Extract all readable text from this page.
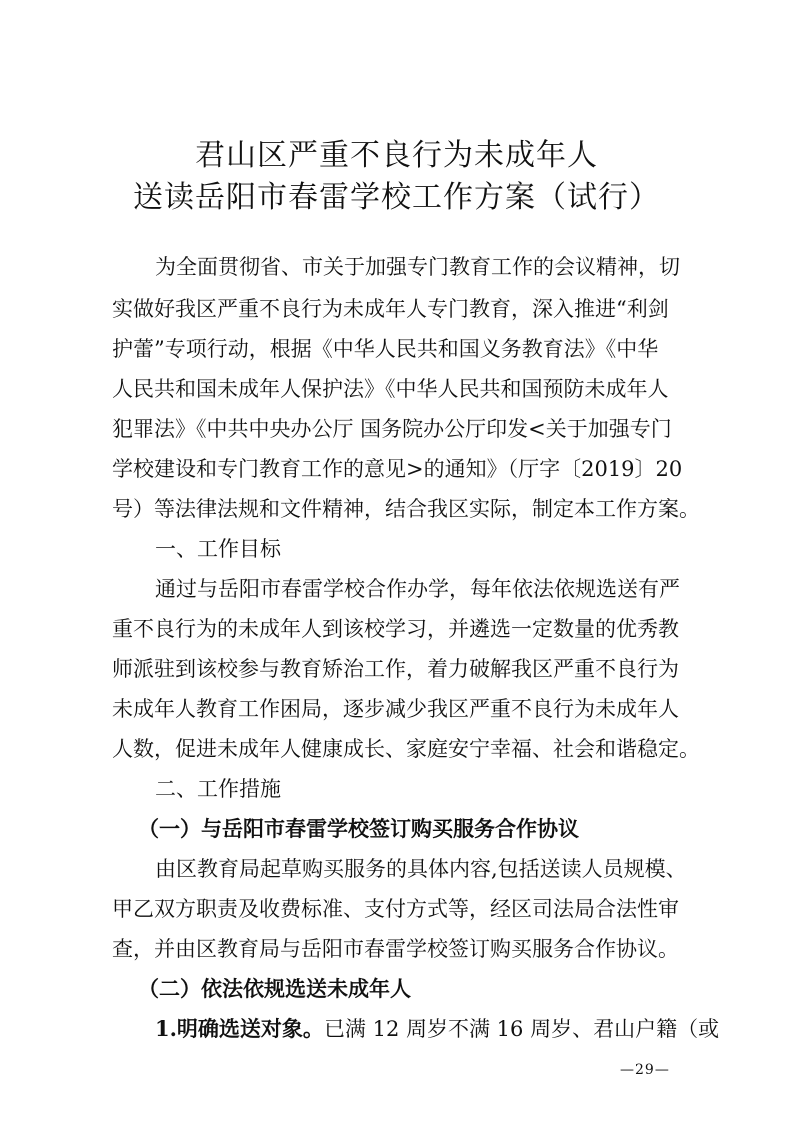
君山区严重不良行为未成年人
送读岳阳市春雷学校工作方案（试行）
为全面贯彻省、市关于加强专门教育工作的会议精神，切
实做好我区严重不良行为未成年人专门教育，深入推进“利剑
护蕾”专项行动，根据《中华人民共和国义务教育法》《中华
人民共和国未成年人保护法》《中华人民共和国预防未成年人
犯罪法》《中共中央办公厅 国务院办公厅印发<关于加强专门
学校建设和专门教育工作的意见>的通知》（厅字〔2019〕20
号）等法律法规和文件精神，结合我区实际，制定本工作方案。
一、工作目标
通过与岳阳市春雷学校合作办学，每年依法依规选送有严
重不良行为的未成年人到该校学习，并遴选一定数量的优秀教
师派驻到该校参与教育矫治工作，着力破解我区严重不良行为
未成年人教育工作困局，逐步减少我区严重不良行为未成年人
人数，促进未成年人健康成长、家庭安宁幸福、社会和谐稳定。
二、工作措施
（一）与岳阳市春雷学校签订购买服务合作协议
由区教育局起草购买服务的具体内容,包括送读人员规模、
甲乙双方职责及收费标准、支付方式等，经区司法局合法性审
查，并由区教育局与岳阳市春雷学校签订购买服务合作协议。
（二）依法依规选送未成年人
1.明确选送对象。已满 12 周岁不满 16 周岁、君山户籍（或
—29—
